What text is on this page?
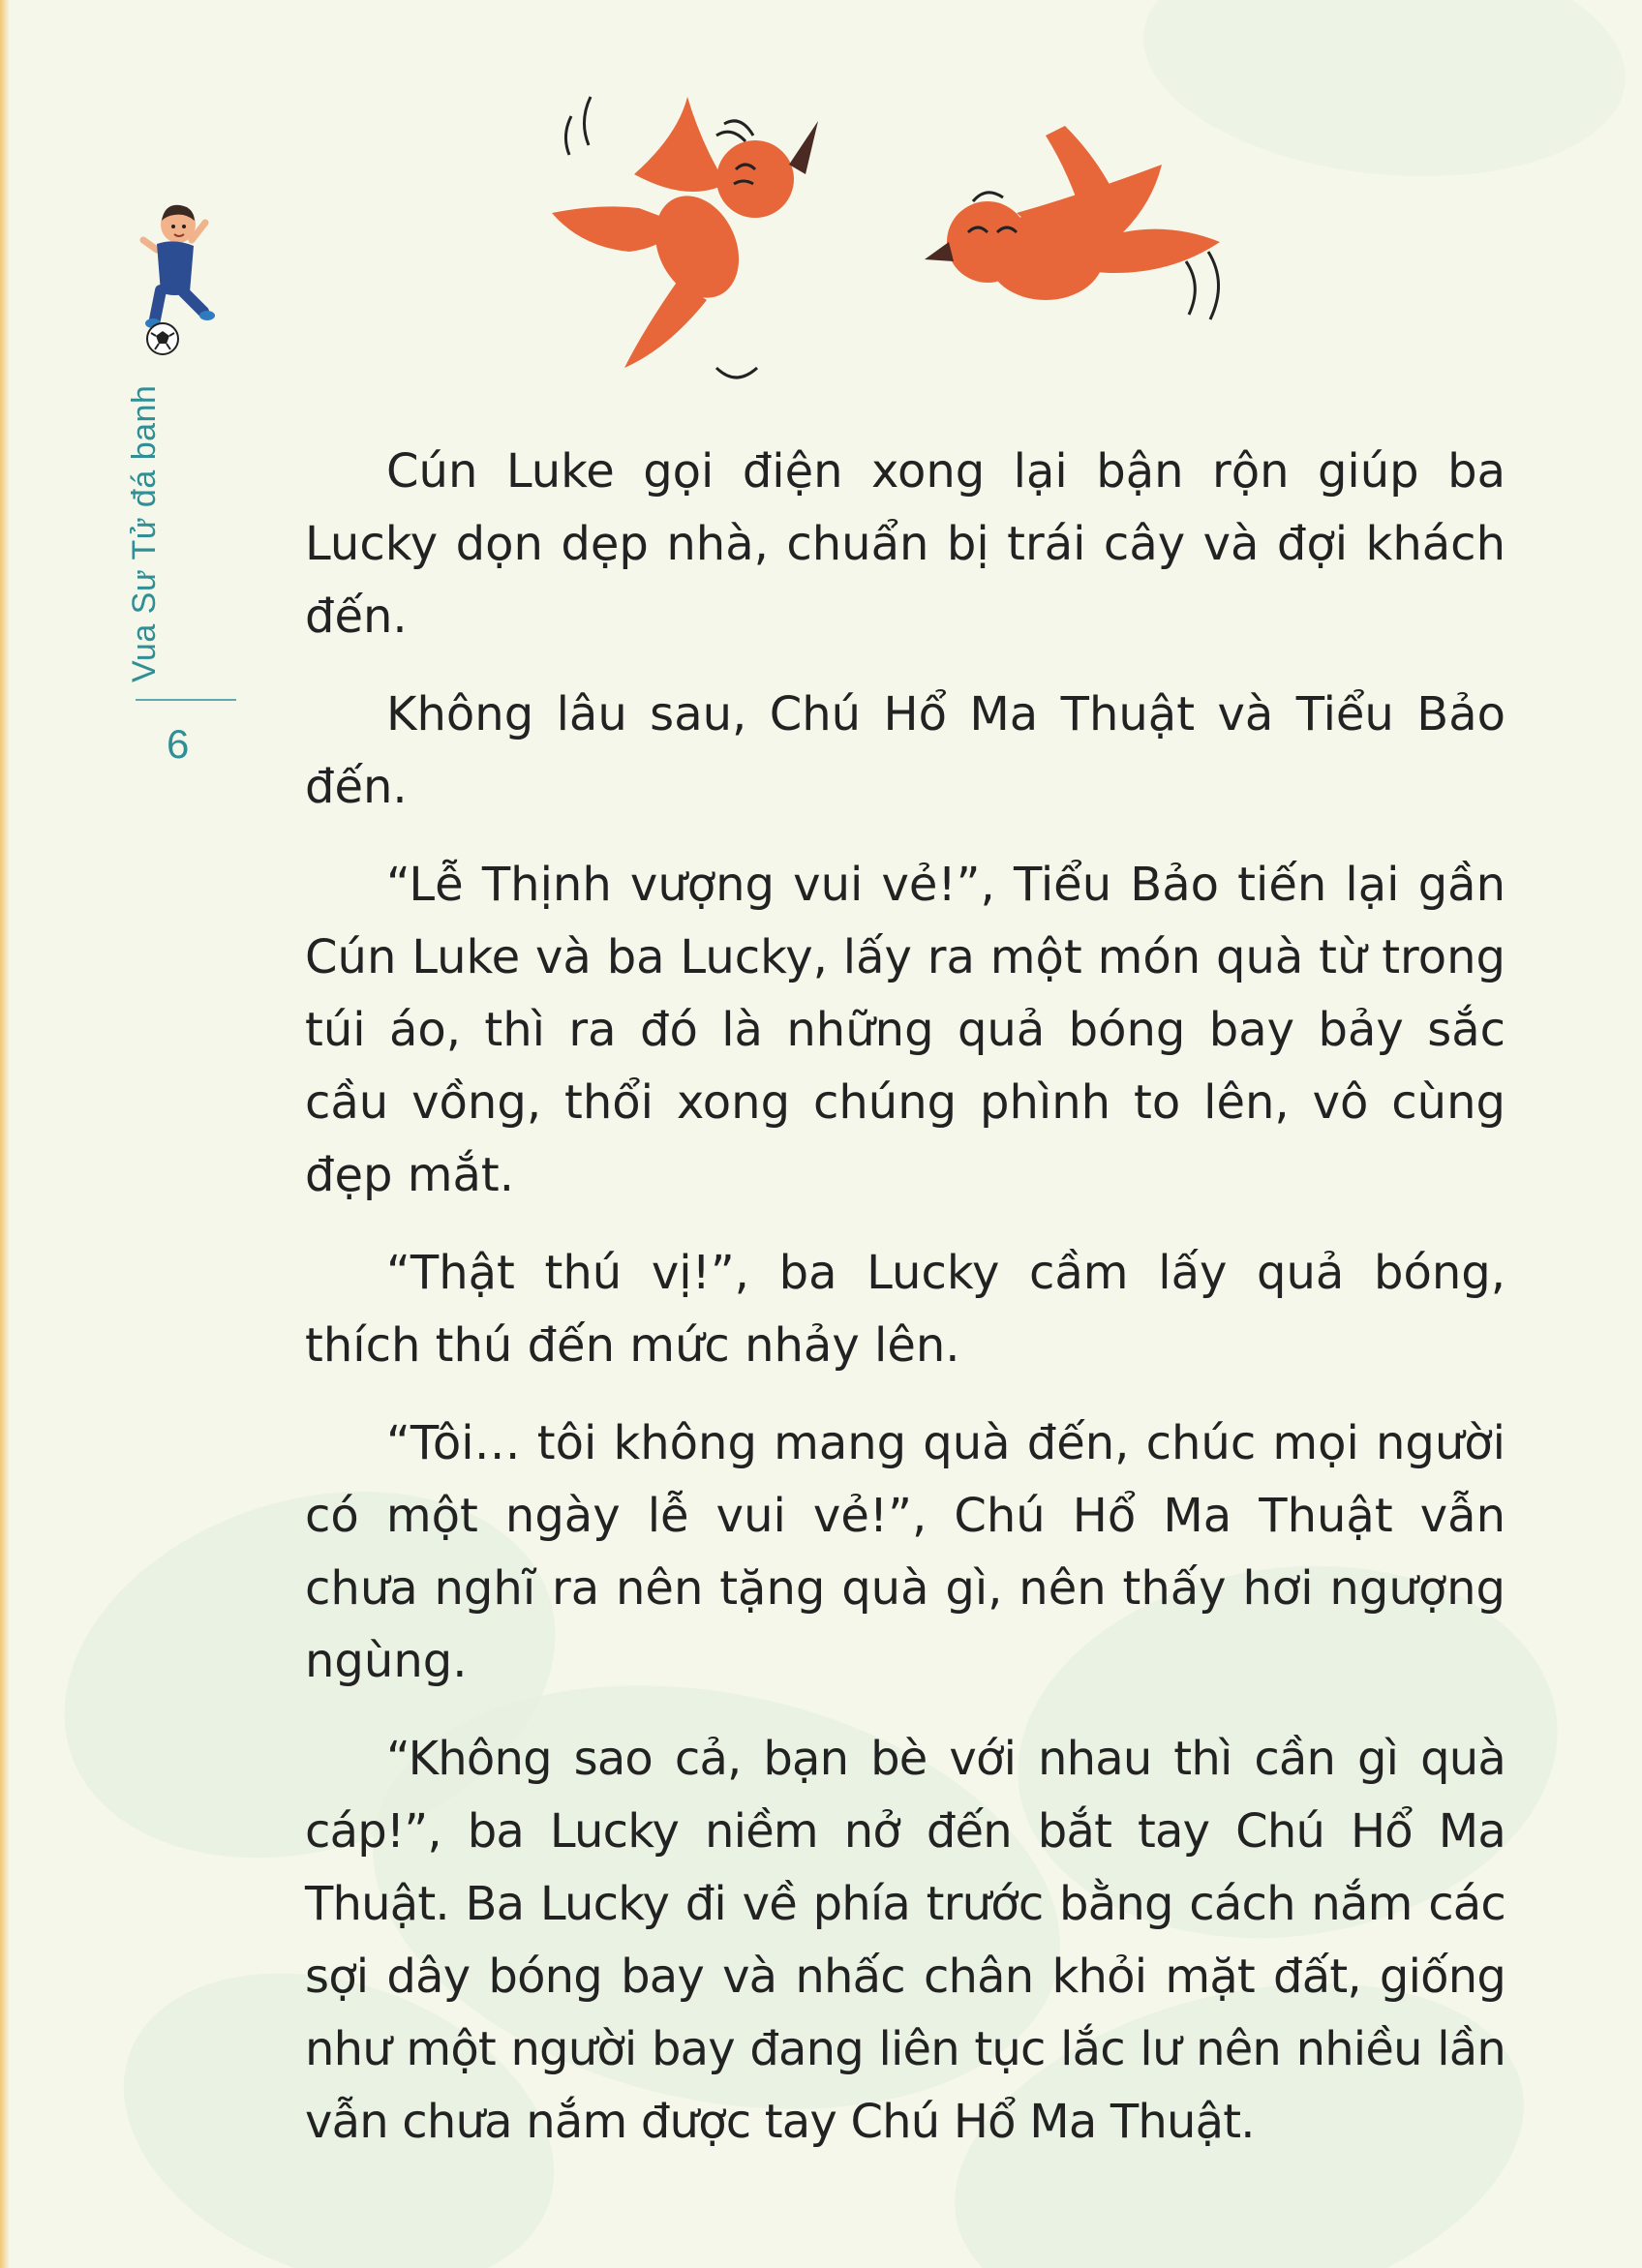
Vua Sư Tử đá banh
6

Cún Luke gọi điện xong lại bận rộn giúp ba Lucky dọn dẹp nhà, chuẩn bị trái cây và đợi khách đến.

Không lâu sau, Chú Hổ Ma Thuật và Tiểu Bảo đến.

“Lễ Thịnh vượng vui vẻ!”, Tiểu Bảo tiến lại gần Cún Luke và ba Lucky, lấy ra một món quà từ trong túi áo, thì ra đó là những quả bóng bay bảy sắc cầu vồng, thổi xong chúng phình to lên, vô cùng đẹp mắt.

“Thật thú vị!”, ba Lucky cầm lấy quả bóng, thích thú đến mức nhảy lên.

“Tôi… tôi không mang quà đến, chúc mọi người có một ngày lễ vui vẻ!”, Chú Hổ Ma Thuật vẫn chưa nghĩ ra nên tặng quà gì, nên thấy hơi ngượng ngùng.

“Không sao cả, bạn bè với nhau thì cần gì quà cáp!”, ba Lucky niềm nở đến bắt tay Chú Hổ Ma Thuật. Ba Lucky đi về phía trước bằng cách nắm các sợi dây bóng bay và nhấc chân khỏi mặt đất, giống như một người bay đang liên tục lắc lư nên nhiều lần vẫn chưa nắm được tay Chú Hổ Ma Thuật.
